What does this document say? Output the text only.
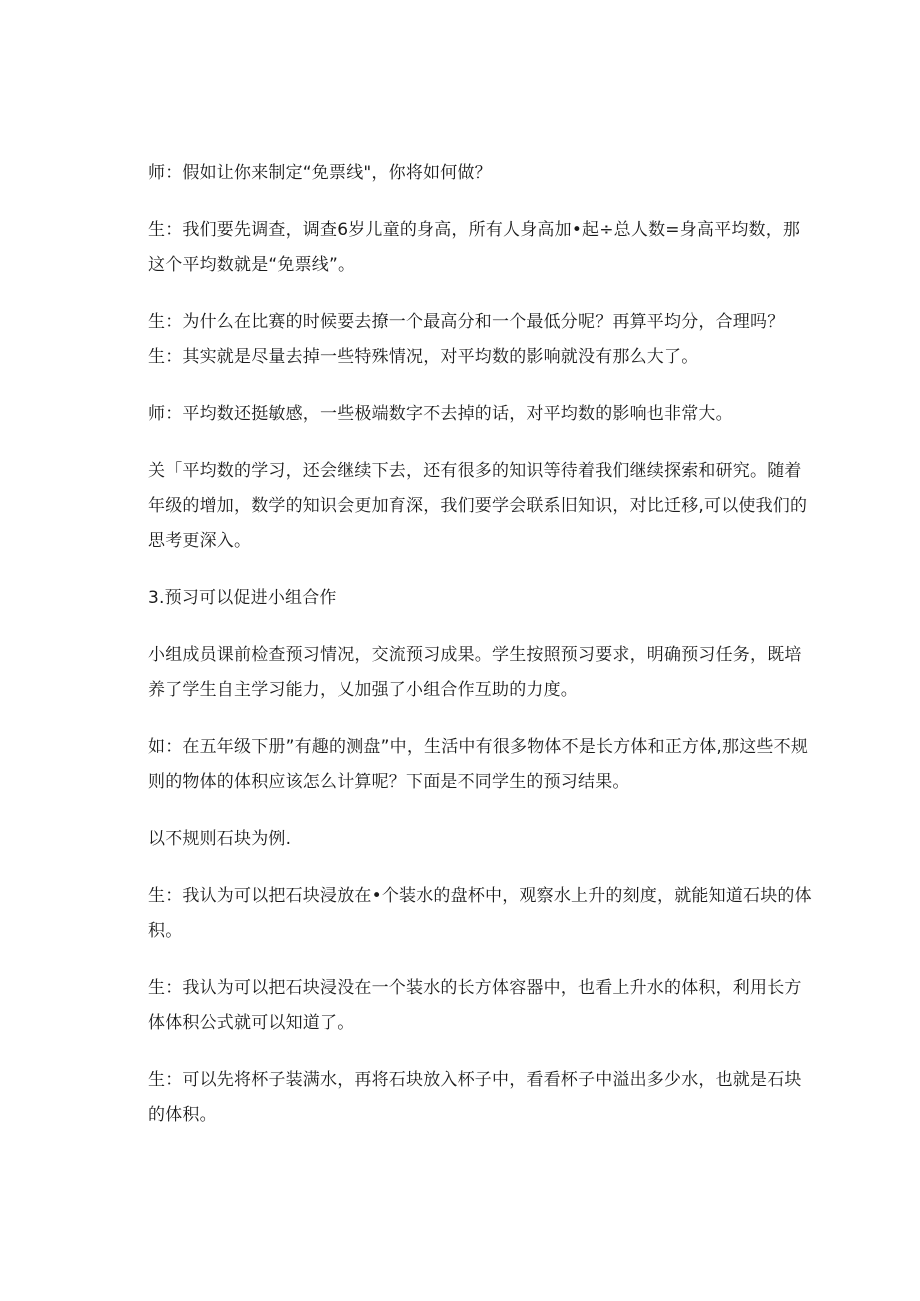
师：假如让你来制定“免票线"，你将如何做？

生：我们要先调查，调查6岁儿童的身高，所有人身高加•起÷总人数=身高平均数，那这个平均数就是“免票线”。

生：为什么在比赛的时候要去撩一个最高分和一个最低分呢？再算平均分，合理吗？生：其实就是尽量去掉一些特殊情况，对平均数的影响就没有那么大了。

师：平均数还挺敏感，一些极端数字不去掉的话，对平均数的影响也非常大。

关「平均数的学习，还会继续下去，还有很多的知识等待着我们继续探索和研究。随着年级的增加，数学的知识会更加育深，我们要学会联系旧知识，对比迁移,可以使我们的思考更深入。

3.预习可以促进小组合作

小组成员课前检查预习情况，交流预习成果。学生按照预习要求，明确预习任务，既培养了学生自主学习能力，乂加强了小组合作互助的力度。

如：在五年级下册”有趣的测盘”中，生活中有很多物体不是长方体和正方体,那这些不规则的物体的体积应该怎么计算呢？下面是不同学生的预习结果。

以不规则石块为例.

生：我认为可以把石块浸放在•个装水的盘杯中，观察水上升的刻度，就能知道石块的体积。

生：我认为可以把石块浸没在一个装水的长方体容器中，也看上升水的体积，利用长方体体积公式就可以知道了。

生：可以先将杯子装满水，再将石块放入杯子中，看看杯子中溢出多少水，也就是石块的体积。
